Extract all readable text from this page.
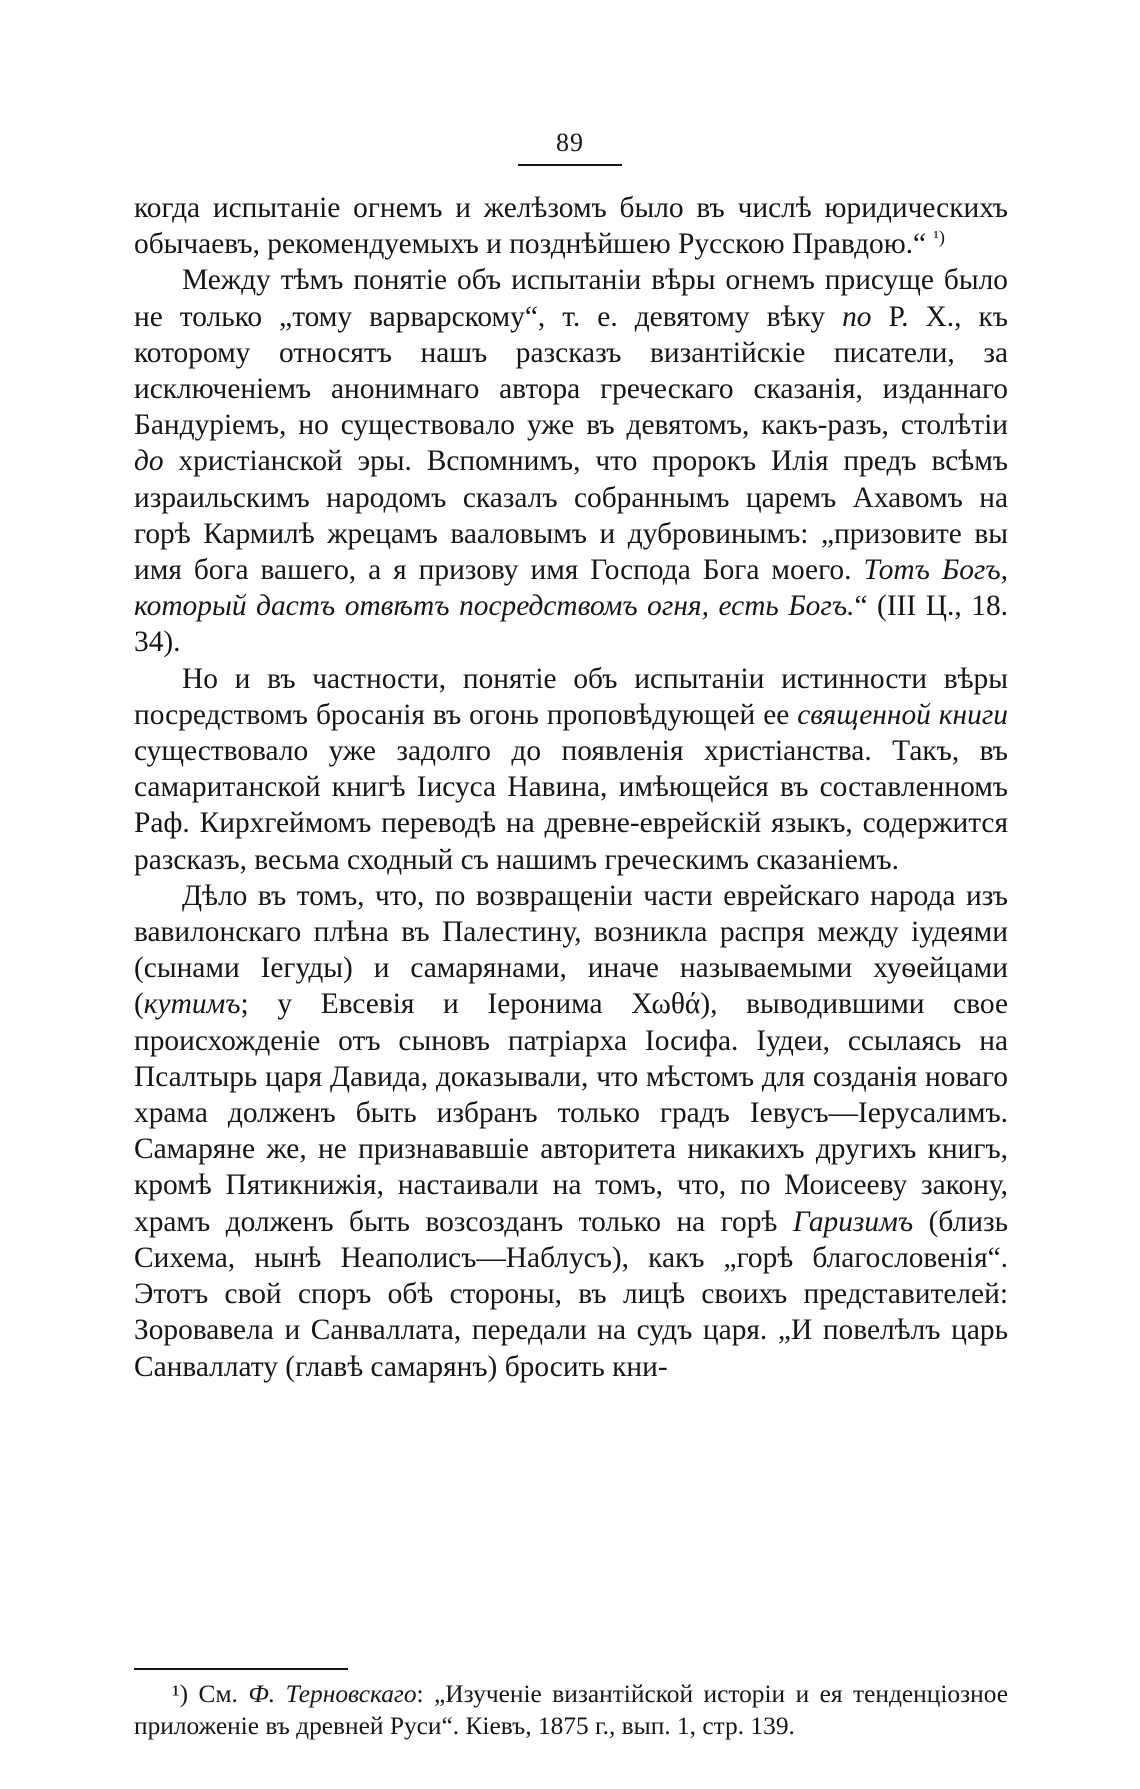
89

когда испытаніе огнемъ и желѣзомъ было въ числѣ юридическихъ обычаевъ, рекомендуемыхъ и позднѣйшею Русскою Правдою.“ $^{^1)}$

Между тѣмъ понятіе объ испытаніи вѣры огнемъ присуще было не только „тому варварскому“, т. е. девятому вѣку по Р. Х., къ которому относятъ нашъ разсказъ византійскіе писатели, за исключеніемъ анонимнаго автора греческаго сказанія, изданнаго Бандуріемъ, но существовало уже въ девятомъ, какъ-разъ, столѣтіи до христіанской эры. Вспомнимъ, что пророкъ Илія предъ всѣмъ израильскимъ народомъ сказалъ собраннымъ царемъ Ахавомъ на горѣ Кармилѣ жрецамъ вааловымъ и дубровинымъ: „призовите вы имя бога вашего, а я призову имя Господа Бога моего. Тотъ Богъ, который дастъ отвѣтъ посредствомъ огня, есть Богъ.“ (III Ц., 18. 34).

Но и въ частности, понятіе объ испытаніи истинности вѣры посредствомъ бросанія въ огонь проповѣдующей ее священной книги существовало уже задолго до появленія христіанства. Такъ, въ самаританской книгѣ Іисуса Навина, имѣющейся въ составленномъ Раф. Кирхгеймомъ переводѣ на древне-еврейскій языкъ, содержится разсказъ, весьма сходный съ нашимъ греческимъ сказаніемъ.

Дѣло въ томъ, что, по возвращеніи части еврейскаго народа изъ вавилонскаго плѣна въ Палестину, возникла распря между іудеями (сынами Іегуды) и самарянами, иначе называемыми хуѳейцами (кутимъ; у Евсевія и Іеронима Χωθά), выводившими свое происхожденіе отъ сыновъ патріарха Іосифа. Іудеи, ссылаясь на Псалтырь царя Давида, доказывали, что мѣстомъ для созданія новаго храма долженъ быть избранъ только градъ Іевусъ—Іерусалимъ. Самаряне же, не признававшіе авторитета никакихъ другихъ книгъ, кромѣ Пятикнижія, настаивали на томъ, что, по Моисееву закону, храмъ долженъ быть возсозданъ только на горѣ Гаризимъ (близь Сихема, нынѣ Неаполисъ—Наблусъ), какъ „горѣ благословенія“. Этотъ свой споръ обѣ стороны, въ лицѣ своихъ представителей: Зоровавела и Санваллата, передали на судъ царя. „И повелѣлъ царь Санваллату (главѣ самарянъ) бросить кни-

¹) См. Ф. Терновскаго: „Изученіе византійской исторіи и ея тенденціозное приложеніе въ древней Руси“. Кіевъ, 1875 г., вып. 1, стр. 139.
